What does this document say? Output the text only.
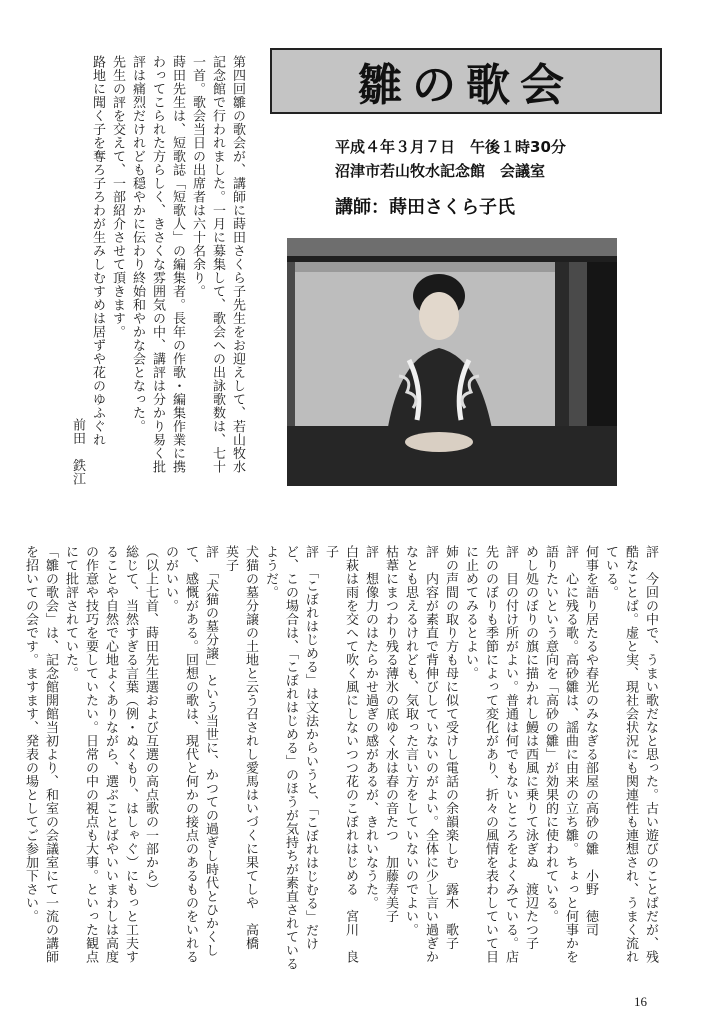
雛の歌会
平成４年３月７日　午後１時30分
沼津市若山牧水記念館　会議室
講師：蒔田さくら子氏

第四回雛の歌会が、講師に蒔田さくら子先生をお迎えして、若山牧水記念館で行われました。一月に募集して、歌会への出詠歌数は、七十一首。歌会当日の出席者は六十名余り。

蒔田先生は、短歌誌「短歌人」の編集者。長年の作歌・編集作業に携わってこられた方らしく、きさくな雰囲気の中、講評は分かり易く批評は痛烈だけれども穏やかに伝わり終始和やかな会となった。

先生の評を交えて、一部紹介させて頂きます。

路地に聞く子を奪ろ子ろわが生みしむすめは居ずや花のゆふぐれ

前田　鉄江

評　今回の中で、うまい歌だなと思った。古い遊びのことばだが、残酷なことば。虚と実、現社会状況にも関連性も連想され、うまく流れている。

何事を語り居たるや春光のみなぎる部屋の高砂の雛　小野　徳司

評　心に残る歌。高砂雛は、謡曲に由来の立ち雛。ちょっと何事かを語りたいという意向を「高砂の雛」が効果的に使われている。

めし処のぼりの旗に描かれし鰻は西風に乗りて泳ぎぬ　渡辺たつ子

評　目の付け所がよい。普通は何でもないところをよくみている。店先ののぼりも季節によって変化があり、折々の風情を表わしていて目に止めてみるとよい。

姉の声間の取り方も母に似て受けし電話の余韻楽しむ　露木　歌子

評　内容が素直で背伸びしていないのがよい。全体に少し言い過ぎかなとも思えるけれども、気取った言い方をしていないのでよい。

枯葦にまつわり残る薄氷の底ゆく水は春の音たつ　加藤寿美子

評　想像力のはたらかせ過ぎの感があるが、きれいなうた。

白萩は雨を交へて吹く風にしないつつ花のこぼれはじめる　宮川　良子

評　「こぼれはじめる」は文法からいうと、「こぼれはじむる」だけど、この場合は、「こぼれはじめる」のほうが気持ちが素直されているようだ。

犬猫の墓分譲の土地と云う召されし愛馬はいづくに果てしや　高橋　英子

評　「犬猫の墓分譲」という当世に、かつての過ぎし時代とひかくして、感慨がある。回想の歌は、現代と何かの接点のあるものをいれるのがいい。

（以上七首、蒔田先生選および互選の高点歌の一部から）

総じて、当然すぎる言葉（例・ぬくもり、はしゃぐ）にもっと工夫することや自然で心地よくありながら、選ぶことばやいいまわしは高度の作意や技巧を要していたい。日常の中の視点も大事。といった観点にて批評されていた。

「雛の歌会」は、記念館開館当初より、和室の会議室にて一流の講師を招いての会です。ますます、発表の場としてご参加下さい。

16
